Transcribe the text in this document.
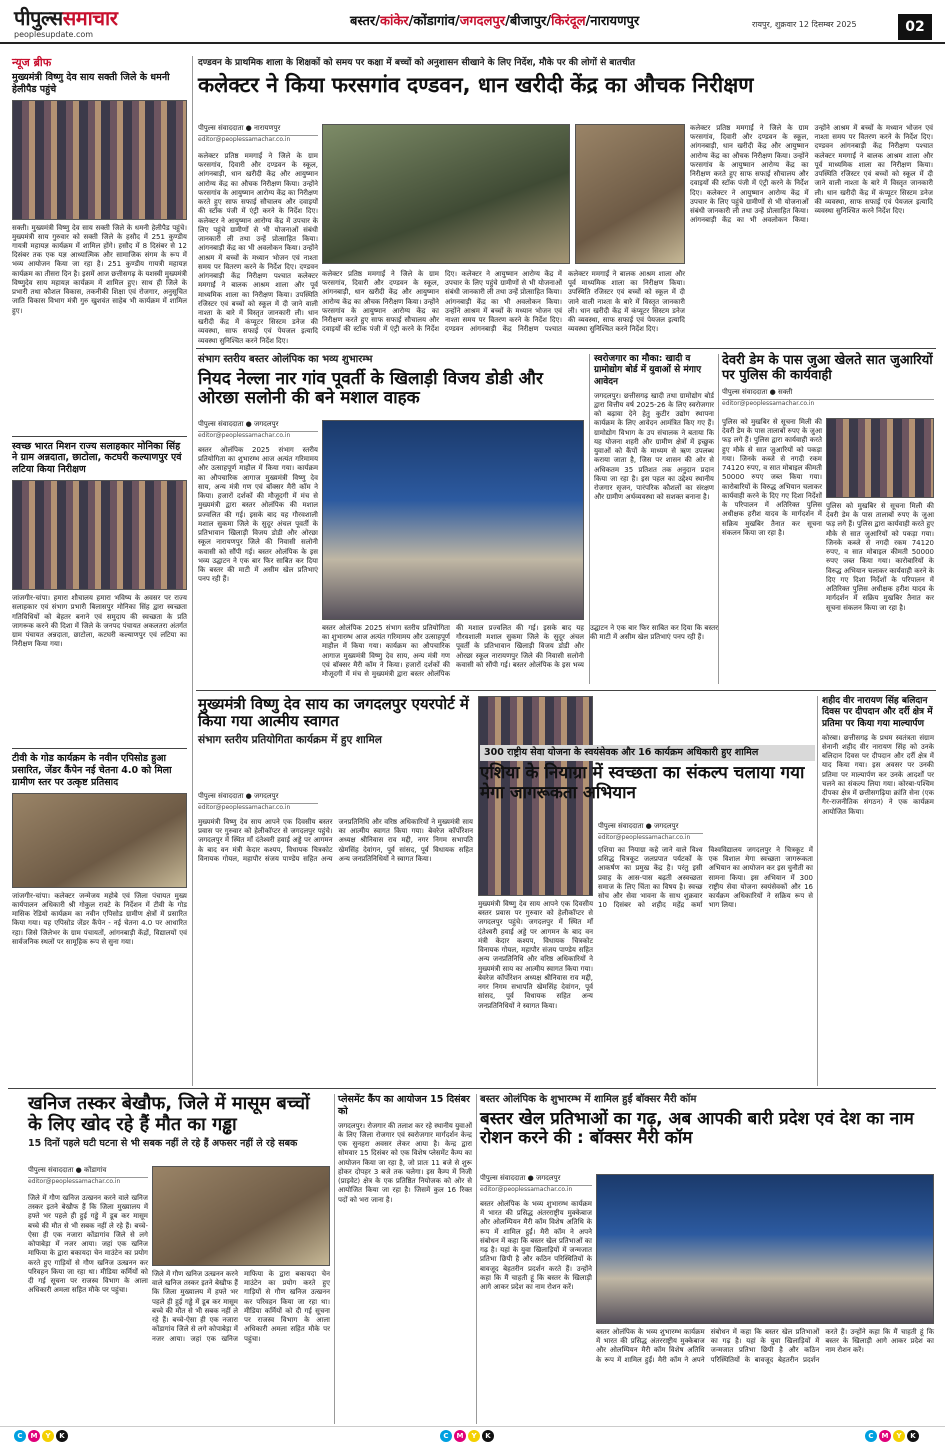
पीपुल्ससमाचार
peoplesupdate.com
बस्तर/कांकेर/कोंडागांव/जगदलपुर/बीजापुर/किरंदूल/नारायणपुर	रायपुर, शुक्रवार 12 दिसम्बर 2025	02
न्यूज ब्रीफ
मुख्यमंत्री विष्णु देव साय सक्ती जिले के धमनी हेलीपैड पहुंचे
सक्ती। मुख्यमंत्री विष्णु देव साय सक्ती जिले के धमनी हेलीपैड पहुंचे। मुख्यमंत्री साय गुरुवार को सक्ती जिले के हसौद में 251 कुण्डीय गायत्री महायज्ञ कार्यक्रम में शामिल होंगे। हसौद में 8 दिसंबर से 12 दिसंबर तक एक यज्ञ आध्यात्मिक और सामाजिक संगम के रूप में भव्य आयोजन किया जा रहा है। 251 कुण्डीय गायत्री महायज्ञ कार्यक्रम का तीसरा दिन है। इसमें आज छत्तीसगढ़ के यशस्वी मुख्यमंत्री विष्णुदेव साय महायज्ञ कार्यक्रम में शामिल हुए। साथ ही जिले के प्रभारी तथा कौशल विकास, तकनीकी शिक्षा एवं रोजगार, अनुसूचित जाति विकास विभाग मंत्री गुरु खुशवंत साहेब भी कार्यक्रम में शामिल हुए।
स्वच्छ भारत मिशन राज्य सलाहकार मोनिका सिंह ने ग्राम अन्नदाता, छाटोला, कटघरी कल्याणपुर एवं लटिया किया निरीक्षण
जांजगीर-चांपा। हमारा शौचालय हमारा भविष्य के अवसर पर राज्य सलाहकार एवं संभाग प्रभारी बिलासपुर मोनिका सिंह द्वारा स्वच्छता गतिविधियों को बेहतर बनाने एवं समुदाय की स्वच्छता के प्रति जागरूक करने की दिशा में जिले के जनपद पंचायत अकलतरा अंतर्गत ग्राम पंचायत अन्नदाता, छाटोला, कटघरी कल्याणपुर एवं लटिया का निरीक्षण किया गया।
टीवी के गोड कार्यक्रम के नवीन एपिसोड हुआ प्रसारित, जेंडर कैंपेन नई चेतना 4.0 को मिला ग्रामीण स्तर पर उत्कृष्ट प्रतिसाद
जांजगीर-चांपा। कलेक्टर जन्मेजय महोबे एवं जिला पंचायत मुख्य कार्यपालन अधिकारी श्री गोकुल रावटे के निर्देशन में टीवी के गोड मासिक रेडियो कार्यक्रम का नवीन एपिसोड ग्रामीण क्षेत्रों में प्रसारित किया गया। यह एपिसोड जेंडर कैंपेन - नई चेतना 4.0 पर आधारित रहा। जिसे जिलेभर के ग्राम पंचायतों, आंगनबाड़ी केंद्रों, विद्यालयों एवं सार्वजनिक स्थलों पर सामूहिक रूप से सुना गया।
दण्डवन के प्राथमिक शाला के शिक्षकों को समय पर कक्षा में बच्चों को अनुशासन सीखाने के लिए निर्देश, मौके पर की लोगों से बातचीत
कलेक्टर ने किया फरसगांव दण्डवन, धान खरीदी केंद्र का औचक निरीक्षण
पीपुल्स संवाददाता ● नारायणपुर
editor@peoplessamachar.co.in
कलेक्टर प्रतिष्ठ ममगाईं ने जिले के ग्राम फरसगांव, दिवारी और दण्डवन के स्कूल, आंगनबाड़ी, धान खरीदी केंद्र और आयुष्मान आरोग्य केंद्र का औचक निरीक्षण किया। उन्होंने फरसगांव के आयुष्मान आरोग्य केंद्र का निरीक्षण करते हुए साफ सफाई सौचालय और दवाइयों की स्टॉक पंजी में एंट्री करने के निर्देश दिए। कलेक्टर ने आयुष्मान आरोग्य केंद्र में उपचार के लिए पहुंचे ग्रामीणों से भी योजनाओं संबंधी जानकारी ली तथा उन्हें प्रोत्साहित किया। आंगनबाड़ी केंद्र का भी अवलोकन किया। उन्होंने आश्रम में बच्चों के मध्यान भोजन एवं नाश्ता समय पर वितरण करने के निर्देश दिए। दण्डवन आंगनबाड़ी केंद्र निरीक्षण पश्चात कलेक्टर ममगाईं ने बालक आश्रम शाला और पूर्व माध्यमिक शाला का निरीक्षण किया। उपस्थिति रजिस्टर एवं बच्चों को स्कूल में दी जाने वाली नाश्ता के बारे में विस्तृत जानकारी ली। धान खरीदी केंद्र में कंप्यूटर सिस्टम डनेज की व्यवस्था, साफ सफाई एवं पेयजल इत्यादि व्यवस्था सुनिश्चित करने निर्देश दिए।
कलेक्टर प्रतिष्ठ ममगाईं ने जिले के ग्राम फरसगांव, दिवारी और दण्डवन के स्कूल, आंगनबाड़ी, धान खरीदी केंद्र और आयुष्मान आरोग्य केंद्र का औचक निरीक्षण किया। उन्होंने फरसगांव के आयुष्मान आरोग्य केंद्र का निरीक्षण करते हुए साफ सफाई सौचालय और दवाइयों की स्टॉक पंजी में एंट्री करने के निर्देश दिए। कलेक्टर ने आयुष्मान आरोग्य केंद्र में उपचार के लिए पहुंचे ग्रामीणों से भी योजनाओं संबंधी जानकारी ली तथा उन्हें प्रोत्साहित किया। आंगनबाड़ी केंद्र का भी अवलोकन किया। उन्होंने आश्रम में बच्चों के मध्यान भोजन एवं नाश्ता समय पर वितरण करने के निर्देश दिए। दण्डवन आंगनबाड़ी केंद्र निरीक्षण पश्चात कलेक्टर ममगाईं ने बालक आश्रम शाला और पूर्व माध्यमिक शाला का निरीक्षण किया। उपस्थिति रजिस्टर एवं बच्चों को स्कूल में दी जाने वाली नाश्ता के बारे में विस्तृत जानकारी ली। धान खरीदी केंद्र में कंप्यूटर सिस्टम डनेज की व्यवस्था, साफ सफाई एवं पेयजल इत्यादि व्यवस्था सुनिश्चित करने निर्देश दिए।
कलेक्टर प्रतिष्ठ ममगाईं ने जिले के ग्राम फरसगांव, दिवारी और दण्डवन के स्कूल, आंगनबाड़ी, धान खरीदी केंद्र और आयुष्मान आरोग्य केंद्र का औचक निरीक्षण किया। उन्होंने फरसगांव के आयुष्मान आरोग्य केंद्र का निरीक्षण करते हुए साफ सफाई सौचालय और दवाइयों की स्टॉक पंजी में एंट्री करने के निर्देश दिए। कलेक्टर ने आयुष्मान आरोग्य केंद्र में उपचार के लिए पहुंचे ग्रामीणों से भी योजनाओं संबंधी जानकारी ली तथा उन्हें प्रोत्साहित किया। आंगनबाड़ी केंद्र का भी अवलोकन किया। उन्होंने आश्रम में बच्चों के मध्यान भोजन एवं नाश्ता समय पर वितरण करने के निर्देश दिए। दण्डवन आंगनबाड़ी केंद्र निरीक्षण पश्चात कलेक्टर ममगाईं ने बालक आश्रम शाला और पूर्व माध्यमिक शाला का निरीक्षण किया। उपस्थिति रजिस्टर एवं बच्चों को स्कूल में दी जाने वाली नाश्ता के बारे में विस्तृत जानकारी ली। धान खरीदी केंद्र में कंप्यूटर सिस्टम डनेज की व्यवस्था, साफ सफाई एवं पेयजल इत्यादि व्यवस्था सुनिश्चित करने निर्देश दिए।
संभाग स्तरीय बस्तर ओलंपिक का भव्य शुभारम्भ
नियद नेल्ला नार गांव पूवर्ती के खिलाड़ी विजय डोडी और ओरछा सलोनी की बने मशाल वाहक
पीपुल्स संवाददाता ● जगदलपुर
editor@peoplessamachar.co.in
बस्तर ओलंपिक 2025 संभाग स्तरीय प्रतियोगिता का शुभारम्भ आज अत्यंत गरिमामय और उत्साहपूर्ण माहौल में किया गया। कार्यक्रम का औपचारिक आगाज मुख्यमंत्री विष्णु देव साय, अन्य मंत्री गण एवं बॉक्सर मैरी कॉम ने किया। हजारों दर्शकों की मौजूदगी में मंच से मुख्यमंत्री द्वारा बस्तर ओलंपिक की मशाल प्रज्वलित की गई। इसके बाद यह गौरवशाली मशाल सुकमा जिले के सुदूर अंचल पूवर्ती के प्रतिभावान खिलाड़ी विजय डोडी और ओरछा स्कूल नारायणपुर जिले की निवासी सलोनी कवासी को सौंपी गई। बस्तर ओलंपिक के इस भव्य उद्घाटन ने एक बार फिर साबित कर दिया कि बस्तर की माटी में असीम खेल प्रतिभाएं पनप रही हैं।
बस्तर ओलंपिक 2025 संभाग स्तरीय प्रतियोगिता का शुभारम्भ आज अत्यंत गरिमामय और उत्साहपूर्ण माहौल में किया गया। कार्यक्रम का औपचारिक आगाज मुख्यमंत्री विष्णु देव साय, अन्य मंत्री गण एवं बॉक्सर मैरी कॉम ने किया। हजारों दर्शकों की मौजूदगी में मंच से मुख्यमंत्री द्वारा बस्तर ओलंपिक की मशाल प्रज्वलित की गई। इसके बाद यह गौरवशाली मशाल सुकमा जिले के सुदूर अंचल पूवर्ती के प्रतिभावान खिलाड़ी विजय डोडी और ओरछा स्कूल नारायणपुर जिले की निवासी सलोनी कवासी को सौंपी गई। बस्तर ओलंपिक के इस भव्य उद्घाटन ने एक बार फिर साबित कर दिया कि बस्तर की माटी में असीम खेल प्रतिभाएं पनप रही हैं।
स्वरोजगार का मौका: खादी व ग्रामोद्योग बोर्ड में युवाओं से मंगाए आवेदन
जगदलपुर। छत्तीसगढ़ खादी तथा ग्रामोद्योग बोर्ड द्वारा वित्तीय वर्ष 2025-26 के लिए स्वरोजगार को बढ़ावा देने हेतु कुटीर उद्योग स्थापना कार्यक्रम के लिए आवेदन आमंत्रित किए गए हैं। ग्रामोद्योग विभाग के उप संचालक ने बताया कि यह योजना शहरी और ग्रामीण क्षेत्रों में इच्छुक युवाओं को कैंपों के माध्यम से ऋण उपलब्ध कराया जाता है, जिस पर शासन की ओर से अधिकतम 35 प्रतिशत तक अनुदान प्रदान किया जा रहा है। इस पहल का उद्देश्य स्थानीय रोजगार सृजन, पारंपरिक कौशलों का संरक्षण और ग्रामीण अर्थव्यवस्था को सशक्त बनाना है।
देवरी डेम के पास जुआ खेलते सात जुआरियों पर पुलिस की कार्यवाही
पीपुल्स संवाददाता ● सक्ती
editor@peoplessamachar.co.in
पुलिस को मुखबिर से सूचना मिली की देवरी डेम के पास तालाबों रुपए के जुआ फड़ लगे हैं। पुलिस द्वारा कार्यवाही करते हुए मौके से सात जुआरियों को पकड़ा गया। जिनके कब्जे से नगदी रकम 74120 रुपए, व सात मोबाइल कीमती 50000 रुपए जब्त किया गया। कारोबारियों के विरुद्ध अभियान चलाकर कार्यवाही करने के दिए गए दिशा निर्देशों के परिपालन में अतिरिक्त पुलिस अधीक्षक हरीश यादव के मार्गदर्शन में सक्रिय मुखबिर तैनात कर सूचना संकलन किया जा रहा है।
पुलिस को मुखबिर से सूचना मिली की देवरी डेम के पास तालाबों रुपए के जुआ फड़ लगे हैं। पुलिस द्वारा कार्यवाही करते हुए मौके से सात जुआरियों को पकड़ा गया। जिनके कब्जे से नगदी रकम 74120 रुपए, व सात मोबाइल कीमती 50000 रुपए जब्त किया गया। कारोबारियों के विरुद्ध अभियान चलाकर कार्यवाही करने के दिए गए दिशा निर्देशों के परिपालन में अतिरिक्त पुलिस अधीक्षक हरीश यादव के मार्गदर्शन में सक्रिय मुखबिर तैनात कर सूचना संकलन किया जा रहा है।
शहीद वीर नारायण सिंह बलिदान दिवस पर दीपदान और दर्री क्षेत्र में प्रतिमा पर किया गया माल्यार्पण
कोरबा। छत्तीसगढ़ के प्रथम स्वतंत्रता संग्राम सेनानी शहीद वीर नारायण सिंह को उनके बलिदान दिवस पर दीपदान और दर्री क्षेत्र में याद किया गया। इस अवसर पर उनकी प्रतिमा पर माल्यार्पण कर उनके आदर्शों पर चलने का संकल्प लिया गया। कोरबा-पश्चिम दीपका क्षेत्र में छत्तीसगढ़िया क्रांति सेना (एक गैर-राजनीतिक संगठन) ने एक कार्यक्रम आयोजित किया।
मुख्यमंत्री विष्णु देव साय का जगदलपुर एयरपोर्ट में किया गया आत्मीय स्वागत
संभाग स्तरीय प्रतियोगिता कार्यक्रम में हुए शामिल
पीपुल्स संवाददाता ● जगदलपुर
editor@peoplessamachar.co.in
मुख्यमंत्री विष्णु देव साय आपने एक दिवसीय बस्तर प्रवास पर गुरुवार को हेलीकॉप्टर से जगदलपुर पहुंचे। जगदलपुर में स्थित माँ दंतेश्वरी हवाई अड्डे पर आगमन के बाद वन मंत्री केदार कश्यप, विधायक चित्रकोट विनायक गोयल, महापौर संजय पाण्डेय सहित अन्य जनप्रतिनिधि और वरिष्ठ अधिकारियों ने मुख्यमंत्री साय का आत्मीय स्वागत किया गया। बेवरेज कॉर्पोरेशन अध्यक्ष श्रीनिवास राव मद्दी, नगर निगम सभापति खेमसिंह देवांगन, पूर्व सांसद, पूर्व विधायक सहित अन्य जनप्रतिनिधियों ने स्वागत किया।
मुख्यमंत्री विष्णु देव साय आपने एक दिवसीय बस्तर प्रवास पर गुरुवार को हेलीकॉप्टर से जगदलपुर पहुंचे। जगदलपुर में स्थित माँ दंतेश्वरी हवाई अड्डे पर आगमन के बाद वन मंत्री केदार कश्यप, विधायक चित्रकोट विनायक गोयल, महापौर संजय पाण्डेय सहित अन्य जनप्रतिनिधि और वरिष्ठ अधिकारियों ने मुख्यमंत्री साय का आत्मीय स्वागत किया गया। बेवरेज कॉर्पोरेशन अध्यक्ष श्रीनिवास राव मद्दी, नगर निगम सभापति खेमसिंह देवांगन, पूर्व सांसद, पूर्व विधायक सहित अन्य जनप्रतिनिधियों ने स्वागत किया।
300 राष्ट्रीय सेवा योजना के स्वयंसेवक और 16 कार्यक्रम अधिकारी हुए शामिल
एशिया के नियाग्रा में स्वच्छता का संकल्प चलाया गया मेगा जागरूकता अभियान
पीपुल्स संवाददाता ● जगदलपुर
editor@peoplessamachar.co.in
एशिया का नियाग्रा कहे जाने वाले विश्व प्रसिद्ध चित्रकूट जलप्रपात पर्यटकों के आकर्षण का प्रमुख केंद्र है। परंतु इसी प्रवाह के आस-पास बढ़ती अस्वच्छता समाज के लिए चिंता का विषय है। स्वच्छ सोच और सेवा भावना के साथ शुक्रवार 10 दिसंबर को शहीद महेंद्र कर्मा विश्वविद्यालय जगदलपुर ने चित्रकूट में एक विशाल मेगा स्वच्छता जागरूकता अभियान का आयोजन कर इस चुनौती का सामना किया। इस अभियान में 300 राष्ट्रीय सेवा योजना स्वयंसेवकों और 16 कार्यक्रम अधिकारियों ने सक्रिय रूप से भाग लिया।
खनिज तस्कर बेखौफ, जिले में मासूम बच्चों के लिए खोद रहे हैं मौत का गड्ढा
15 दिनों पहले घटी घटना से भी सबक नहीं ले रहे हैं अफसर नहीं ले रहे सबक
पीपुल्स संवाददाता ● कोंडागांव
editor@peoplessamachar.co.in
जिले में गौण खनिज उत्खनन करने वाले खनिज तस्कर इतने बेखौफ हैं कि जिला मुख्यालय में हफ्ते भर पहले ही हुई गड्ढे में डूब कर मासूम बच्चे की मौत से भी सबक नहीं ले रहे हैं। बच्चे-ऐसा ही एक नजारा कोंडागांव जिले से लगे कोपाबेड़ा में नजर आया। जहां एक खनिज माफिया के द्वारा बकायदा चेन माउंटेन का प्रयोग करते हुए गाड़ियों से गौण खनिज उत्खनन कर परिवहन किया जा रहा था। मीडिया कर्मियों को दी गई सूचना पर राजस्व विभाग के आला अधिकारी अमला सहित मौके पर पहुंचा।
जिले में गौण खनिज उत्खनन करने वाले खनिज तस्कर इतने बेखौफ हैं कि जिला मुख्यालय में हफ्ते भर पहले ही हुई गड्ढे में डूब कर मासूम बच्चे की मौत से भी सबक नहीं ले रहे हैं। बच्चे-ऐसा ही एक नजारा कोंडागांव जिले से लगे कोपाबेड़ा में नजर आया। जहां एक खनिज माफिया के द्वारा बकायदा चेन माउंटेन का प्रयोग करते हुए गाड़ियों से गौण खनिज उत्खनन कर परिवहन किया जा रहा था। मीडिया कर्मियों को दी गई सूचना पर राजस्व विभाग के आला अधिकारी अमला सहित मौके पर पहुंचा।
प्लेसमेंट कैंप का आयोजन 15 दिसंबर को
जगदलपुर। रोजगार की तलाश कर रहे स्थानीय युवाओं के लिए जिला रोजगार एवं स्वरोजगार मार्गदर्शन केन्द्र एक सुनहरा अवसर लेकर आया है। केन्द्र द्वारा सोमवार 15 दिसंबर को एक विशेष प्लेसमेंट कैम्प का आयोजन किया जा रहा है, जो प्रातः 11 बजे से शुरू होकर दोपहर 3 बजे तक चलेगा। इस कैम्प में निजी (प्राइवेट) क्षेत्र के एक प्रतिष्ठित नियोजक को ओर से आयोजित किया जा रहा है। जिसमें कुल 16 रिक्त पदों को भरा जाना है।
बस्तर ओलंपिक के शुभारम्भ में शामिल हुईं बॉक्सर मैरी कॉम
बस्तर खेल प्रतिभाओं का गढ़, अब आपकी बारी प्रदेश एवं देश का नाम रोशन करने की : बॉक्सर मैरी कॉम
पीपुल्स संवाददाता ● जगदलपुर
editor@peoplessamachar.co.in
बस्तर ओलंपिक के भव्य शुभारम्भ कार्यक्रम में भारत की प्रसिद्ध अंतरराष्ट्रीय मुक्केबाज और ओलम्पियन मैरी कॉम विशेष अतिथि के रूप में शामिल हुईं। मैरी कॉम ने अपने संबोधन में कहा कि बस्तर खेल प्रतिभाओं का गढ़ है। यहां के युवा खिलाड़ियों में जन्मजात प्रतिभा छिपी है और कठिन परिस्थितियों के बावजूद बेहतरीन प्रदर्शन करते हैं। उन्होंने कहा कि मैं चाहती हूं कि बस्तर के खिलाड़ी आगे आकर प्रदेश का नाम रोशन करें।
बस्तर ओलंपिक के भव्य शुभारम्भ कार्यक्रम में भारत की प्रसिद्ध अंतरराष्ट्रीय मुक्केबाज और ओलम्पियन मैरी कॉम विशेष अतिथि के रूप में शामिल हुईं। मैरी कॉम ने अपने संबोधन में कहा कि बस्तर खेल प्रतिभाओं का गढ़ है। यहां के युवा खिलाड़ियों में जन्मजात प्रतिभा छिपी है और कठिन परिस्थितियों के बावजूद बेहतरीन प्रदर्शन करते हैं। उन्होंने कहा कि मैं चाहती हूं कि बस्तर के खिलाड़ी आगे आकर प्रदेश का नाम रोशन करें।
C	M	Y	K	C	M	Y	K	C	M	Y	K
